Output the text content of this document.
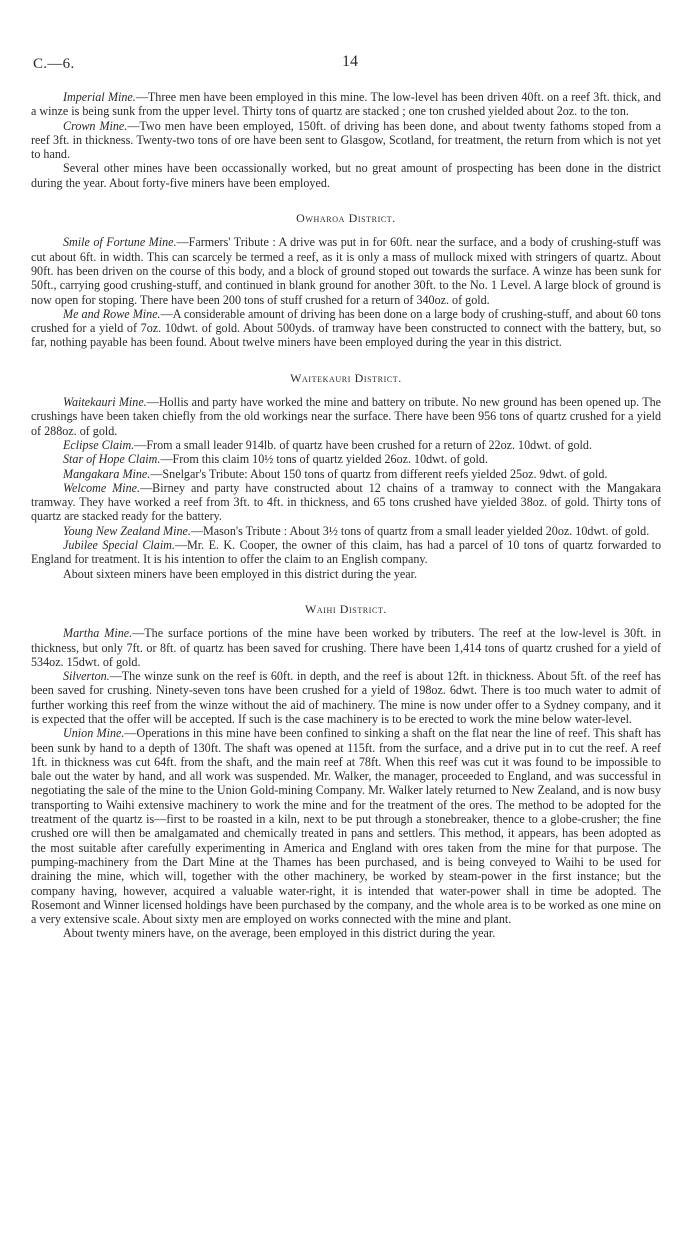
C.—6.	14

Imperial Mine.—Three men have been employed in this mine. The low-level has been driven 40ft. on a reef 3ft. thick, and a winze is being sunk from the upper level. Thirty tons of quartz are stacked ; one ton crushed yielded about 2oz. to the ton.

Crown Mine.—Two men have been employed, 150ft. of driving has been done, and about twenty fathoms stoped from a reef 3ft. in thickness. Twenty-two tons of ore have been sent to Glasgow, Scotland, for treatment, the return from which is not yet to hand.

Several other mines have been occassionally worked, but no great amount of prospecting has been done in the district during the year. About forty-five miners have been employed.

Owharoa District.

Smile of Fortune Mine.—Farmers' Tribute : A drive was put in for 60ft. near the surface, and a body of crushing-stuff was cut about 6ft. in width. This can scarcely be termed a reef, as it is only a mass of mullock mixed with stringers of quartz. About 90ft. has been driven on the course of this body, and a block of ground stoped out towards the surface. A winze has been sunk for 50ft., carrying good crushing-stuff, and continued in blank ground for another 30ft. to the No. 1 Level. A large block of ground is now open for stoping. There have been 200 tons of stuff crushed for a return of 340oz. of gold.

Me and Rowe Mine.—A considerable amount of driving has been done on a large body of crushing-stuff, and about 60 tons crushed for a yield of 7oz. 10dwt. of gold. About 500yds. of tramway have been constructed to connect with the battery, but, so far, nothing payable has been found. About twelve miners have been employed during the year in this district.

Waitekauri District.

Waitekauri Mine.—Hollis and party have worked the mine and battery on tribute. No new ground has been opened up. The crushings have been taken chiefly from the old workings near the surface. There have been 956 tons of quartz crushed for a yield of 288oz. of gold.

Eclipse Claim.—From a small leader 914lb. of quartz have been crushed for a return of 22oz. 10dwt. of gold.

Star of Hope Claim.—From this claim 10½ tons of quartz yielded 26oz. 10dwt. of gold.

Mangakara Mine.—Snelgar's Tribute: About 150 tons of quartz from different reefs yielded 25oz. 9dwt. of gold.

Welcome Mine.—Birney and party have constructed about 12 chains of a tramway to connect with the Mangakara tramway. They have worked a reef from 3ft. to 4ft. in thickness, and 65 tons crushed have yielded 38oz. of gold. Thirty tons of quartz are stacked ready for the battery.

Young New Zealand Mine.—Mason's Tribute : About 3½ tons of quartz from a small leader yielded 20oz. 10dwt. of gold.

Jubilee Special Claim.—Mr. E. K. Cooper, the owner of this claim, has had a parcel of 10 tons of quartz forwarded to England for treatment. It is his intention to offer the claim to an English company.

About sixteen miners have been employed in this district during the year.

Waihi District.

Martha Mine.—The surface portions of the mine have been worked by tributers. The reef at the low-level is 30ft. in thickness, but only 7ft. or 8ft. of quartz has been saved for crushing. There have been 1,414 tons of quartz crushed for a yield of 534oz. 15dwt. of gold.

Silverton.—The winze sunk on the reef is 60ft. in depth, and the reef is about 12ft. in thickness. About 5ft. of the reef has been saved for crushing. Ninety-seven tons have been crushed for a yield of 198oz. 6dwt. There is too much water to admit of further working this reef from the winze without the aid of machinery. The mine is now under offer to a Sydney company, and it is expected that the offer will be accepted. If such is the case machinery is to be erected to work the mine below water-level.

Union Mine.—Operations in this mine have been confined to sinking a shaft on the flat near the line of reef. This shaft has been sunk by hand to a depth of 130ft. The shaft was opened at 115ft. from the surface, and a drive put in to cut the reef. A reef 1ft. in thickness was cut 64ft. from the shaft, and the main reef at 78ft. When this reef was cut it was found to be impossible to bale out the water by hand, and all work was suspended. Mr. Walker, the manager, proceeded to England, and was successful in negotiating the sale of the mine to the Union Gold-mining Company. Mr. Walker lately returned to New Zealand, and is now busy transporting to Waihi extensive machinery to work the mine and for the treatment of the ores. The method to be adopted for the treatment of the quartz is—first to be roasted in a kiln, next to be put through a stonebreaker, thence to a globe-crusher; the fine crushed ore will then be amalgamated and chemically treated in pans and settlers. This method, it appears, has been adopted as the most suitable after carefully experimenting in America and England with ores taken from the mine for that purpose. The pumping-machinery from the Dart Mine at the Thames has been purchased, and is being conveyed to Waihi to be used for draining the mine, which will, together with the other machinery, be worked by steam-power in the first instance; but the company having, however, acquired a valuable water-right, it is intended that water-power shall in time be adopted. The Rosemont and Winner licensed holdings have been purchased by the company, and the whole area is to be worked as one mine on a very extensive scale. About sixty men are employed on works connected with the mine and plant.

About twenty miners have, on the average, been employed in this district during the year.
